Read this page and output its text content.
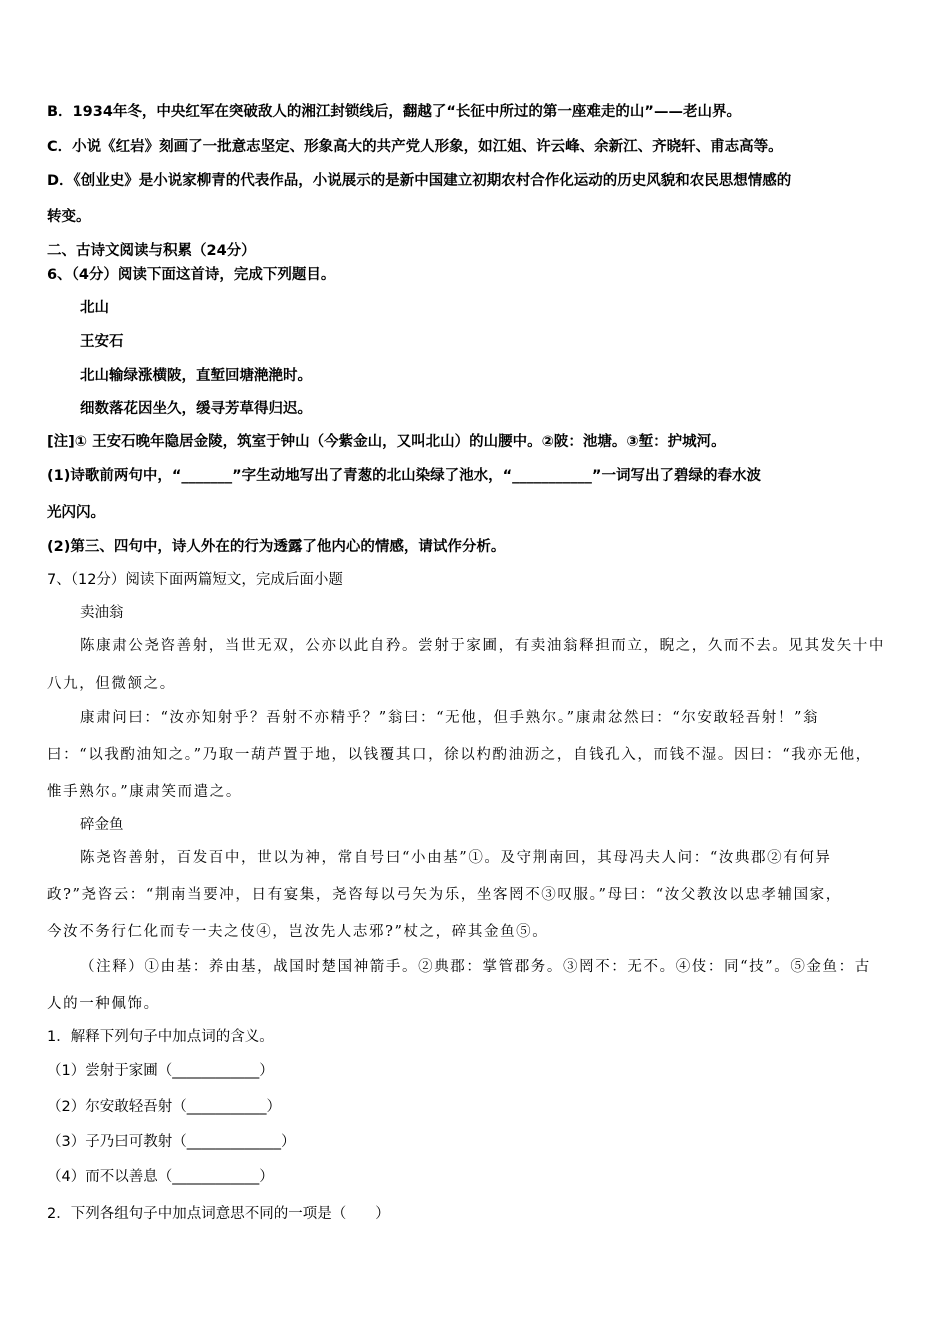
B．1934年冬，中央红军在突破敌人的湘江封锁线后，翻越了“长征中所过的第一座难走的山”——老山界。
C．小说《红岩》刻画了一批意志坚定、形象高大的共产党人形象，如江姐、许云峰、余新江、齐晓轩、甫志高等。
D．《创业史》是小说家柳青的代表作品，小说展示的是新中国建立初期农村合作化运动的历史风貌和农民思想情感的
转变。
二、古诗文阅读与积累（24分）
6、（4分）阅读下面这首诗，完成下列题目。
北山
王安石
北山输绿涨横陂，直堑回塘滟滟时。
细数落花因坐久，缓寻芳草得归迟。
[注]① 王安石晚年隐居金陵，筑室于钟山（今紫金山，又叫北山）的山腰中。②陂：池塘。③堑：护城河。
(1)诗歌前两句中，“_______”字生动地写出了青葱的北山染绿了池水，“___________”一词写出了碧绿的春水波
光闪闪。
(2)第三、四句中，诗人外在的行为透露了他内心的情感，请试作分析。
7、（12分）阅读下面两篇短文，完成后面小题
卖油翁
陈康肃公尧咨善射，当世无双，公亦以此自矜。尝射于家圃，有卖油翁释担而立，睨之，久而不去。见其发矢十中
八九，但微颔之。
康肃问曰：“汝亦知射乎？吾射不亦精乎？”翁曰：“无他，但手熟尔。”康肃忿然曰：“尔安敢轻吾射！”翁
曰：“以我酌油知之。”乃取一葫芦置于地，以钱覆其口，徐以杓酌油沥之，自钱孔入，而钱不湿。因曰：“我亦无他，
惟手熟尔。”康肃笑而遣之。
碎金鱼
陈尧咨善射，百发百中，世以为神，常自号曰“小由基”①。及守荆南回，其母冯夫人问：“汝典郡②有何异
政?”尧咨云：“荆南当要冲，日有宴集，尧咨每以弓矢为乐，坐客罔不③叹服。”母曰：“汝父教汝以忠孝辅国家，
今汝不务行仁化而专一夫之伎④，岂汝先人志邪?”杖之，碎其金鱼⑤。
（注释）①由基：养由基，战国时楚国神箭手。②典郡：掌管郡务。③罔不：无不。④伎：同“技”。⑤金鱼：古
人的一种佩饰。
1．解释下列句子中加点词的含义。
（1）尝射于家圃（____________）
（2）尔安敢轻吾射（___________）
（3）子乃曰可教射（_____________）
（4）而不以善息（____________）
2．下列各组句子中加点词意思不同的一项是（　　）
